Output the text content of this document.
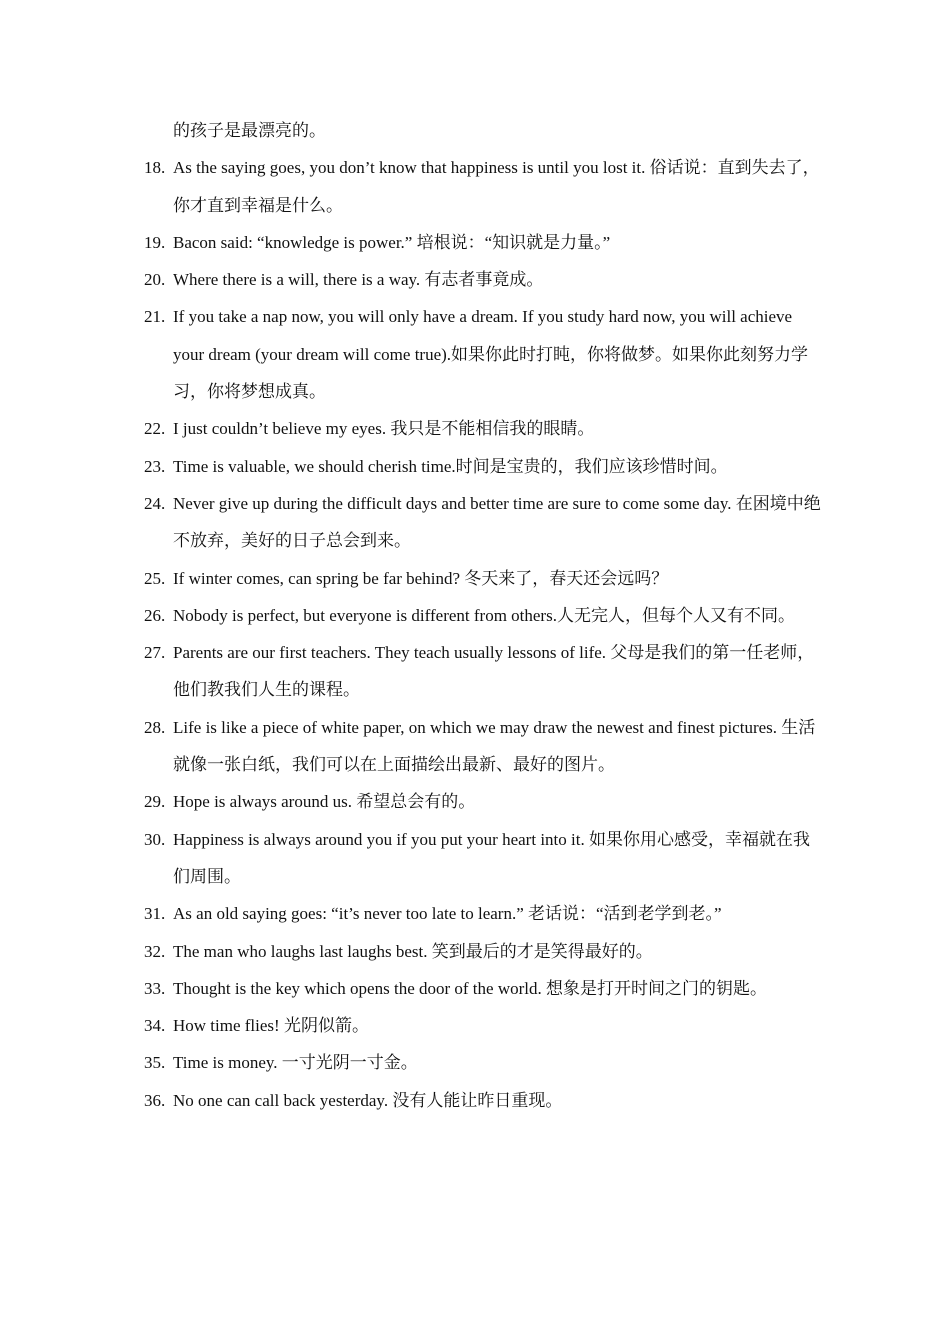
的孩子是最漂亮的。
18. As the saying goes, you don’t know that happiness is until you lost it. 俗话说：直到失去了，你才直到幸福是什么。
19. Bacon said: “knowledge is power.” 培根说：“知识就是力量。”
20. Where there is a will, there is a way. 有志者事竟成。
21. If you take a nap now, you will only have a dream. If you study hard now, you will achieve your dream (your dream will come true).如果你此时打盹，你将做梦。如果你此刻努力学习，你将梦想成真。
22. I just couldn’t believe my eyes. 我只是不能相信我的眼睛。
23. Time is valuable, we should cherish time.时间是宝贵的，我们应该珍惜时间。
24. Never give up during the difficult days and better time are sure to come some day. 在困境中绝不放弃，美好的日子总会到来。
25. If winter comes, can spring be far behind? 冬天来了，春天还会远吗？
26. Nobody is perfect, but everyone is different from others.人无完人，但每个人又有不同。
27. Parents are our first teachers. They teach usually lessons of life. 父母是我们的第一任老师，他们教我们人生的课程。
28. Life is like a piece of white paper, on which we may draw the newest and finest pictures. 生活就像一张白纸，我们可以在上面描绘出最新、最好的图片。
29. Hope is always around us. 希望总会有的。
30. Happiness is always around you if you put your heart into it. 如果你用心感受，幸福就在我们周围。
31. As an old saying goes: “it’s never too late to learn.” 老话说：“活到老学到老。”
32. The man who laughs last laughs best. 笑到最后的才是笑得最好的。
33. Thought is the key which opens the door of the world. 想象是打开时间之门的钥匙。
34. How time flies! 光阴似箭。
35. Time is money. 一寸光阴一寸金。
36. No one can call back yesterday. 没有人能让昨日重现。
